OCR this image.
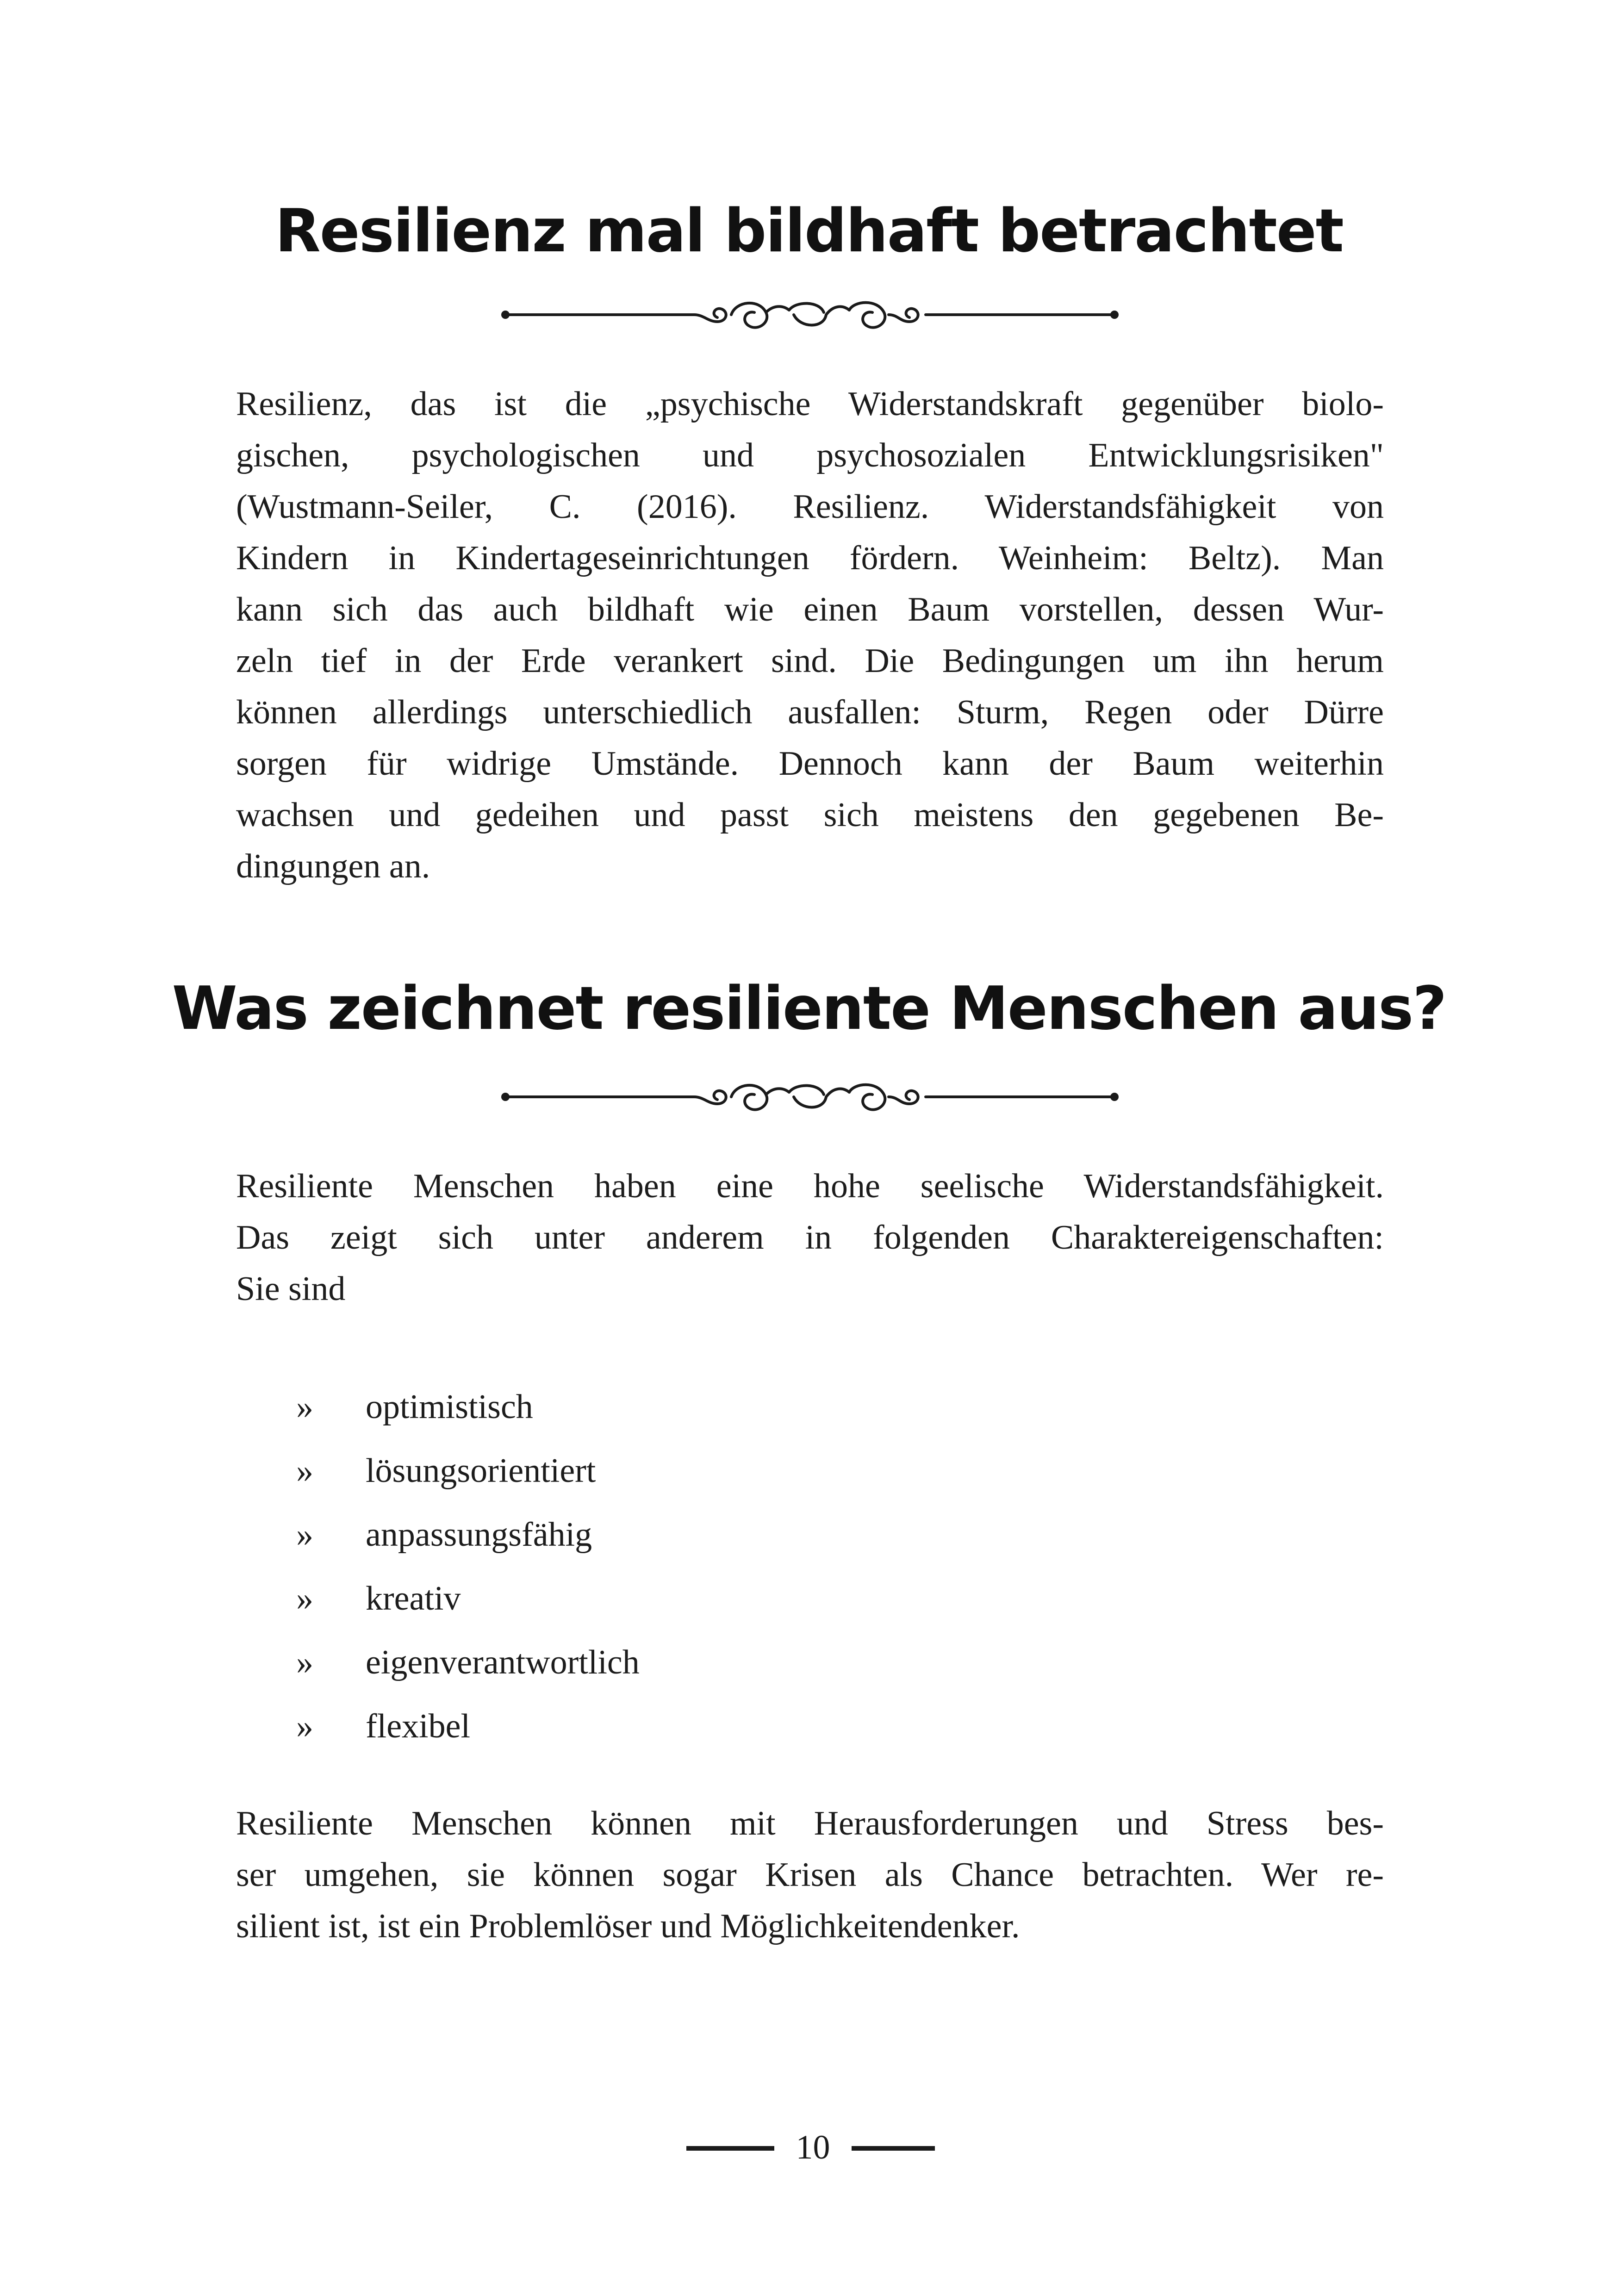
Resilienz mal bildhaft betrachtet
Resilienz, das ist die „psychische Widerstandskraft gegenüber biolo-
gischen, psychologischen und psychosozialen Entwicklungsrisiken"
(Wustmann-Seiler, C. (2016). Resilienz. Widerstandsfähigkeit von
Kindern in Kindertageseinrichtungen fördern. Weinheim: Beltz). Man
kann sich das auch bildhaft wie einen Baum vorstellen, dessen Wur-
zeln tief in der Erde verankert sind. Die Bedingungen um ihn herum
können allerdings unterschiedlich ausfallen: Sturm, Regen oder Dürre
sorgen für widrige Umstände. Dennoch kann der Baum weiterhin
wachsen und gedeihen und passt sich meistens den gegebenen Be-
dingungen an.
Was zeichnet resiliente Menschen aus?
Resiliente Menschen haben eine hohe seelische Widerstandsfähigkeit.
Das zeigt sich unter anderem in folgenden Charaktereigenschaften:
Sie sind
» optimistisch
» lösungsorientiert
» anpassungsfähig
» kreativ
» eigenverantwortlich
» flexibel
Resiliente Menschen können mit Herausforderungen und Stress bes-
ser umgehen, sie können sogar Krisen als Chance betrachten. Wer re-
silient ist, ist ein Problemlöser und Möglichkeitendenker.
10
